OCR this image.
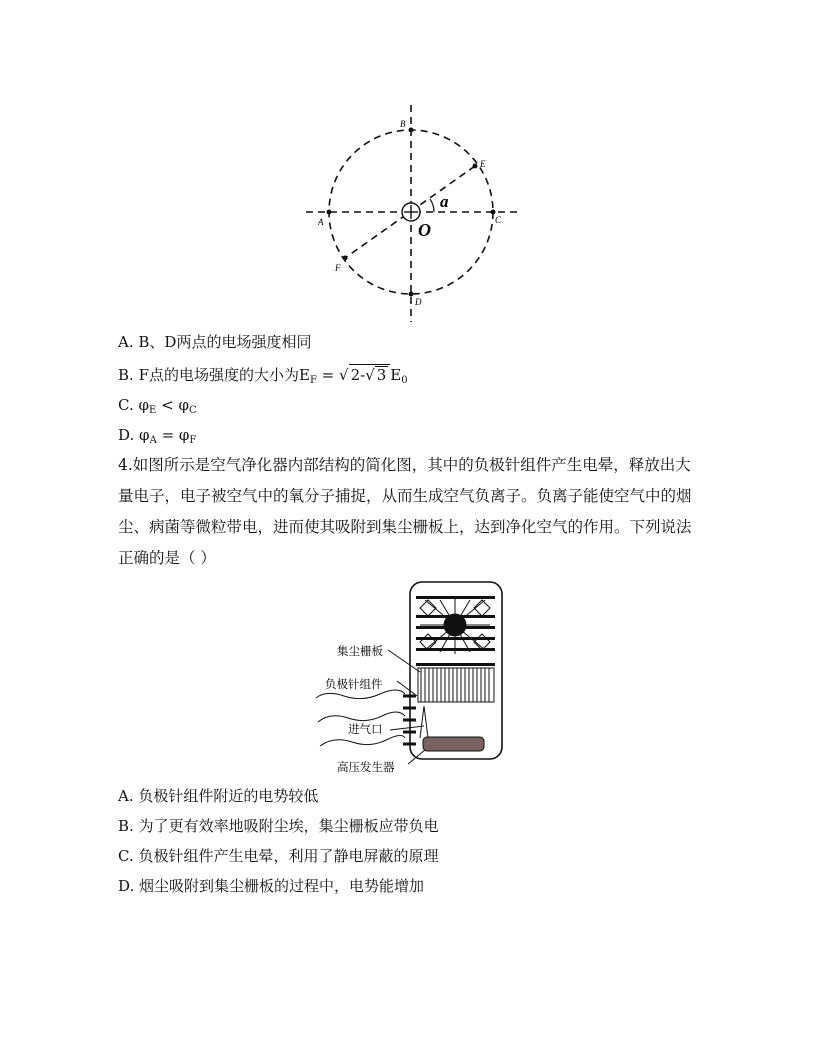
B
E
A	C
F
D
O
a
A. B、D两点的电场强度相同
B. F点的电场强度的大小为$E_F$ = √ 2-√ 3 $E_0$
C. $\varphi_E < \varphi_C$
D. $\varphi_A = \varphi_F$
4.如图所示是空气净化器内部结构的简化图，其中的负极针组件产生电晕，释放出大量电子，电子被空气中的氧分子捕捉，从而生成空气负离子。负离子能使空气中的烟尘、病菌等微粒带电，进而使其吸附到集尘栅板上，达到净化空气的作用。下列说法正确的是（ ）
集尘栅板
负极针组件
进气口
高压发生器
A. 负极针组件附近的电势较低
B. 为了更有效率地吸附尘埃，集尘栅板应带负电
C. 负极针组件产生电晕，利用了静电屏蔽的原理
D. 烟尘吸附到集尘栅板的过程中，电势能增加
